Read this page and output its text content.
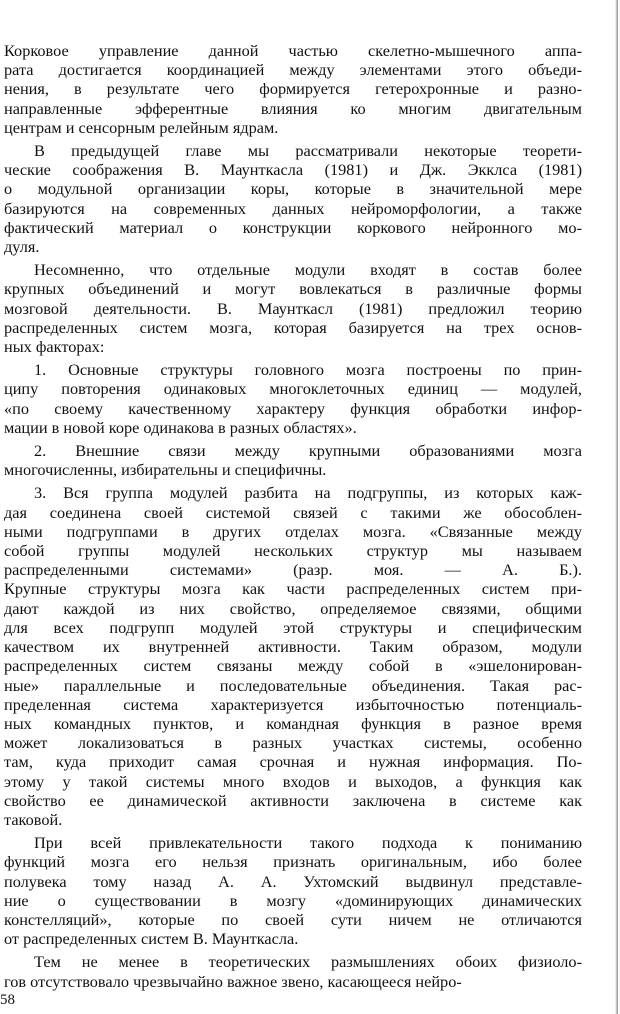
Корковое управление данной частью скелетно-мышечного аппа-
рата достигается координацией между элементами этого объеди-
нения, в результате чего формируется гетерохронные и разно-
направленные эфферентные влияния ко многим двигательным
центрам и сенсорным релейным ядрам.
В предыдущей главе мы рассматривали некоторые теорети-
ческие соображения В. Маунткасла (1981) и Дж. Экклса (1981)
о модульной организации коры, которые в значительной мере
базируются на современных данных нейроморфологии, а также
фактический материал о конструкции коркового нейронного мо-
дуля.
Несомненно, что отдельные модули входят в состав более
крупных объединений и могут вовлекаться в различные формы
мозговой деятельности. В. Маунткасл (1981) предложил теорию
распределенных систем мозга, которая базируется на трех основ-
ных факторах:
1. Основные структуры головного мозга построены по прин-
ципу повторения одинаковых многоклеточных единиц — модулей,
«по своему качественному характеру функция обработки инфор-
мации в новой коре одинакова в разных областях».
2. Внешние связи между крупными образованиями мозга
многочисленны, избирательны и специфичны.
3. Вся группа модулей разбита на подгруппы, из которых каж-
дая соединена своей системой связей с такими же обособлен-
ными подгруппами в других отделах мозга. «Связанные между
собой группы модулей нескольких структур мы называем
распределенными системами» (разр. моя. — А. Б.).
Крупные структуры мозга как части распределенных систем при-
дают каждой из них свойство, определяемое связями, общими
для всех подгрупп модулей этой структуры и специфическим
качеством их внутренней активности. Таким образом, модули
распределенных систем связаны между собой в «эшелонирован-
ные» параллельные и последовательные объединения. Такая рас-
пределенная система характеризуется избыточностью потенциаль-
ных командных пунктов, и командная функция в разное время
может локализоваться в разных участках системы, особенно
там, куда приходит самая срочная и нужная информация. По-
этому у такой системы много входов и выходов, а функция как
свойство ее динамической активности заключена в системе как
таковой.
При всей привлекательности такого подхода к пониманию
функций мозга его нельзя признать оригинальным, ибо более
полувека тому назад А. А. Ухтомский выдвинул представле-
ние о существовании в мозгу «доминирующих динамических
констелляций», которые по своей сути ничем не отличаются
от распределенных систем В. Маунткасла.
Тем не менее в теоретических размышлениях обоих физиоло-
гов отсутствовало чрезвычайно важное звено, касающееся нейро-
58
